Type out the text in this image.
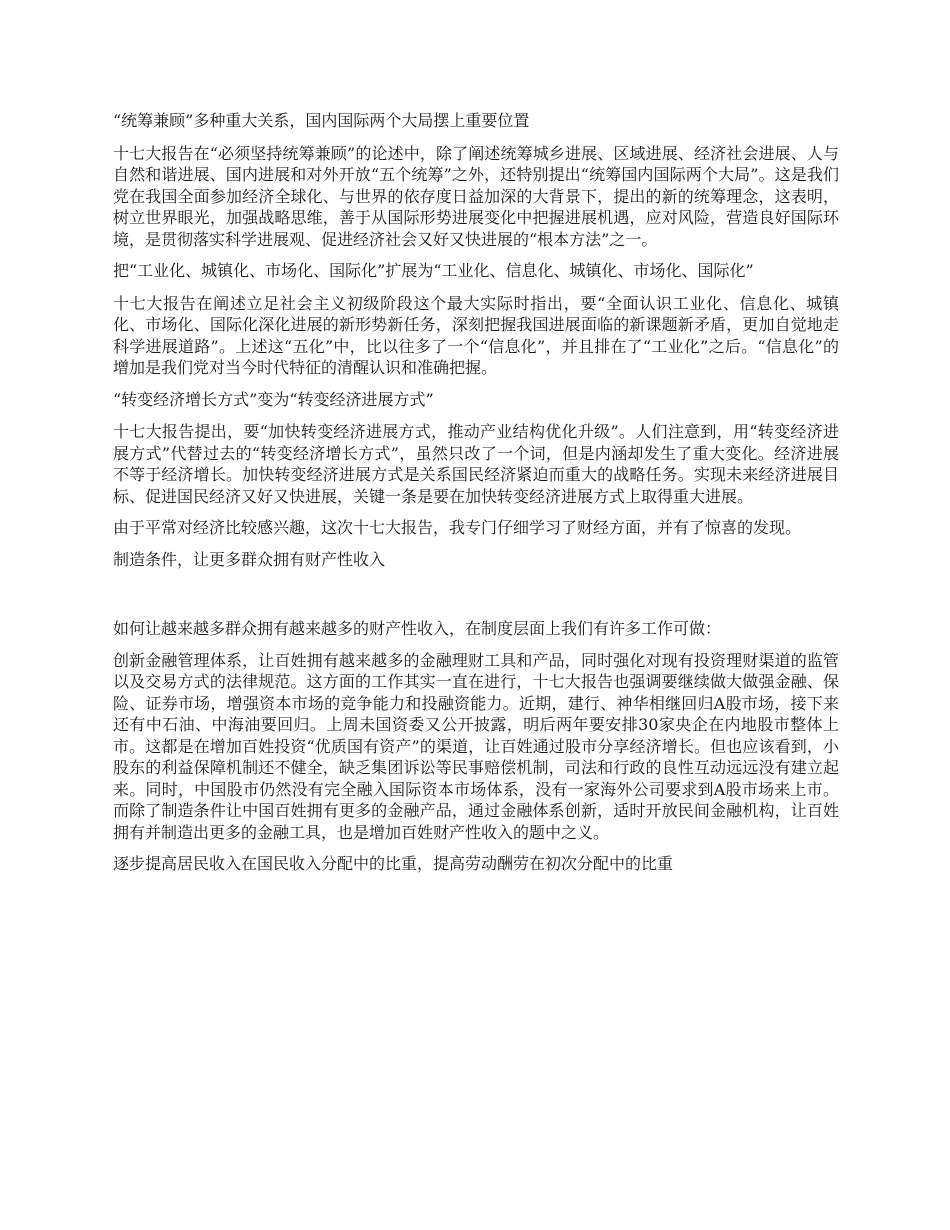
“统筹兼顾”多种重大关系，国内国际两个大局摆上重要位置

十七大报告在“必须坚持统筹兼顾”的论述中，除了阐述统筹城乡进展、区域进展、经济社会进展、人与自然和谐进展、国内进展和对外开放“五个统筹”之外，还特别提出“统筹国内国际两个大局”。这是我们党在我国全面参加经济全球化、与世界的依存度日益加深的大背景下，提出的新的统筹理念，这表明，树立世界眼光，加强战略思维，善于从国际形势进展变化中把握进展机遇，应对风险，营造良好国际环境，是贯彻落实科学进展观、促进经济社会又好又快进展的“根本方法”之一。

把“工业化、城镇化、市场化、国际化”扩展为“工业化、信息化、城镇化、市场化、国际化”

十七大报告在阐述立足社会主义初级阶段这个最大实际时指出，要“全面认识工业化、信息化、城镇化、市场化、国际化深化进展的新形势新任务，深刻把握我国进展面临的新课题新矛盾，更加自觉地走科学进展道路”。上述这“五化”中，比以往多了一个“信息化”，并且排在了“工业化”之后。“信息化”的增加是我们党对当今时代特征的清醒认识和准确把握。

“转变经济增长方式”变为“转变经济进展方式”

十七大报告提出，要“加快转变经济进展方式，推动产业结构优化升级”。人们注意到，用“转变经济进展方式”代替过去的“转变经济增长方式”，虽然只改了一个词，但是内涵却发生了重大变化。经济进展不等于经济增长。加快转变经济进展方式是关系国民经济紧迫而重大的战略任务。实现未来经济进展目标、促进国民经济又好又快进展，关键一条是要在加快转变经济进展方式上取得重大进展。

由于平常对经济比较感兴趣，这次十七大报告，我专门仔细学习了财经方面，并有了惊喜的发现。

制造条件，让更多群众拥有财产性收入

如何让越来越多群众拥有越来越多的财产性收入，在制度层面上我们有许多工作可做：

创新金融管理体系，让百姓拥有越来越多的金融理财工具和产品，同时强化对现有投资理财渠道的监管以及交易方式的法律规范。这方面的工作其实一直在进行，十七大报告也强调要继续做大做强金融、保险、证券市场，增强资本市场的竞争能力和投融资能力。近期，建行、神华相继回归A股市场，接下来还有中石油、中海油要回归。上周未国资委又公开披露，明后两年要安排30家央企在内地股市整体上市。这都是在增加百姓投资“优质国有资产”的渠道，让百姓通过股市分享经济增长。但也应该看到，小股东的利益保障机制还不健全，缺乏集团诉讼等民事赔偿机制，司法和行政的良性互动远远没有建立起来。同时，中国股市仍然没有完全融入国际资本市场体系，没有一家海外公司要求到A股市场来上市。而除了制造条件让中国百姓拥有更多的金融产品，通过金融体系创新，适时开放民间金融机构，让百姓拥有并制造出更多的金融工具，也是增加百姓财产性收入的题中之义。

逐步提高居民收入在国民收入分配中的比重，提高劳动酬劳在初次分配中的比重
